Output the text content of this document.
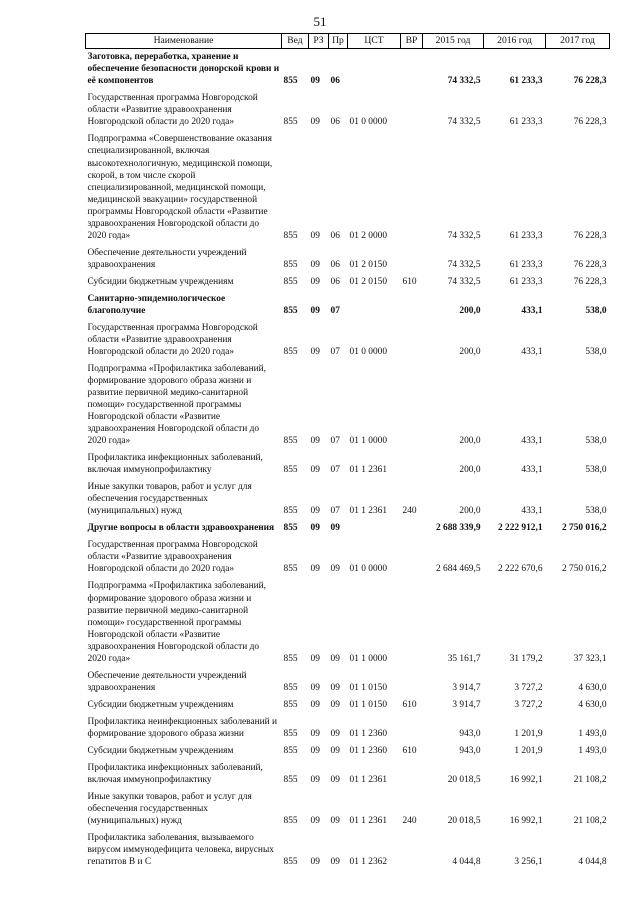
51
Наименование	Вед	РЗ	Пр	ЦСТ	ВР	2015 год	2016 год	2017 год
Заготовка, переработка, хранение и обеспечение безопасности донорской крови и её компонентов	855	09	06			74 332,5	61 233,3	76 228,3
Государственная программа Новгородской области «Развитие здравоохранения Новгородской области до 2020 года»	855	09	06	01 0 0000		74 332,5	61 233,3	76 228,3
Подпрограмма «Совершенствование оказания специализированной, включая высокотехнологичную, медицинской помощи, скорой, в том числе скорой специализированной, медицинской помощи, медицинской эвакуации» государственной программы Новгородской области «Развитие здравоохранения Новгородской области до 2020 года»	855	09	06	01 2 0000		74 332,5	61 233,3	76 228,3
Обеспечение деятельности учреждений здравоохранения	855	09	06	01 2 0150		74 332,5	61 233,3	76 228,3
Субсидии бюджетным учреждениям	855	09	06	01 2 0150	610	74 332,5	61 233,3	76 228,3
Санитарно-эпидемиологическое благополучие	855	09	07			200,0	433,1	538,0
Государственная программа Новгородской области «Развитие здравоохранения Новгородской области до 2020 года»	855	09	07	01 0 0000		200,0	433,1	538,0
Подпрограмма «Профилактика заболеваний, формирование здорового образа жизни и развитие первичной медико-санитарной помощи» государственной программы Новгородской области «Развитие здравоохранения Новгородской области до 2020 года»	855	09	07	01 1 0000		200,0	433,1	538,0
Профилактика инфекционных заболеваний, включая иммунопрофилактику	855	09	07	01 1 2361		200,0	433,1	538,0
Иные закупки товаров, работ и услуг для обеспечения государственных (муниципальных) нужд	855	09	07	01 1 2361	240	200,0	433,1	538,0
Другие вопросы в области здравоохранения	855	09	09			2 688 339,9	2 222 912,1	2 750 016,2
Государственная программа Новгородской области «Развитие здравоохранения Новгородской области до 2020 года»	855	09	09	01 0 0000		2 684 469,5	2 222 670,6	2 750 016,2
Подпрограмма «Профилактика заболеваний, формирование здорового образа жизни и развитие первичной медико-санитарной помощи» государственной программы Новгородской области «Развитие здравоохранения Новгородской области до 2020 года»	855	09	09	01 1 0000		35 161,7	31 179,2	37 323,1
Обеспечение деятельности учреждений здравоохранения	855	09	09	01 1 0150		3 914,7	3 727,2	4 630,0
Субсидии бюджетным учреждениям	855	09	09	01 1 0150	610	3 914,7	3 727,2	4 630,0
Профилактика неинфекционных заболеваний и формирование здорового образа жизни	855	09	09	01 1 2360		943,0	1 201,9	1 493,0
Субсидии бюджетным учреждениям	855	09	09	01 1 2360	610	943,0	1 201,9	1 493,0
Профилактика инфекционных заболеваний, включая иммунопрофилактику	855	09	09	01 1 2361		20 018,5	16 992,1	21 108,2
Иные закупки товаров, работ и услуг для обеспечения государственных (муниципальных) нужд	855	09	09	01 1 2361	240	20 018,5	16 992,1	21 108,2
Профилактика заболевания, вызываемого вирусом иммунодефицита человека, вирусных гепатитов B и C	855	09	09	01 1 2362		4 044,8	3 256,1	4 044,8
